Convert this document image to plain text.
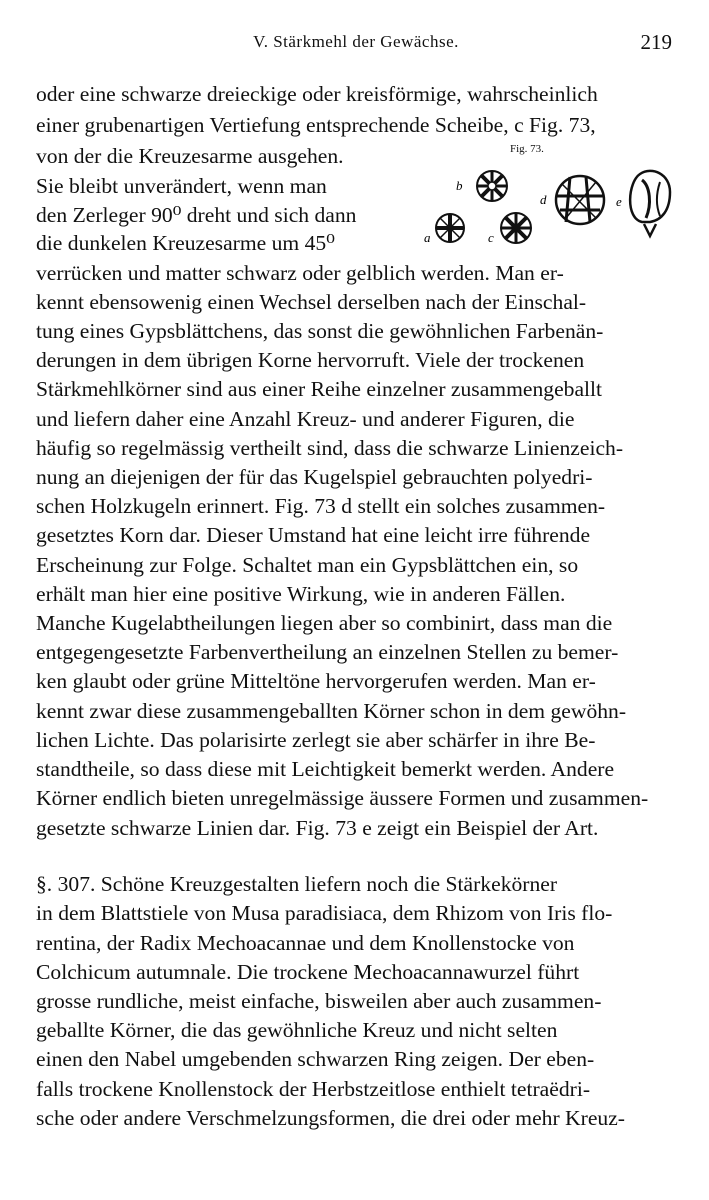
V. Stärkmehl der Gewächse.	219
oder eine schwarze dreieckige oder kreisförmige, wahrscheinlich
einer grubenartigen Vertiefung entsprechende Scheibe, c Fig. 73,
von der die Kreuzesarme ausgehen.
Sie bleibt unverändert, wenn man
den Zerleger 90⁰ dreht und sich dann
die dunkelen Kreuzesarme um 45⁰
verrücken und matter schwarz oder gelblich werden. Man er-
kennt ebensowenig einen Wechsel derselben nach der Einschal-
tung eines Gypsblättchens, das sonst die gewöhnlichen Farbenän-
derungen in dem übrigen Korne hervorruft. Viele der trockenen
Stärkmehlkörner sind aus einer Reihe einzelner zusammengeballt
und liefern daher eine Anzahl Kreuz- und anderer Figuren, die
häufig so regelmässig vertheilt sind, dass die schwarze Linienzeich-
nung an diejenigen der für das Kugelspiel gebrauchten polyedri-
schen Holzkugeln erinnert. Fig. 73 d stellt ein solches zusammen-
gesetztes Korn dar. Dieser Umstand hat eine leicht irre führende
Erscheinung zur Folge. Schaltet man ein Gypsblättchen ein, so
erhält man hier eine positive Wirkung, wie in anderen Fällen.
Manche Kugelabtheilungen liegen aber so combinirt, dass man die
entgegengesetzte Farbenvertheilung an einzelnen Stellen zu bemer-
ken glaubt oder grüne Mitteltöne hervorgerufen werden. Man er-
kennt zwar diese zusammengeballten Körner schon in dem gewöhn-
lichen Lichte. Das polarisirte zerlegt sie aber schärfer in ihre Be-
standtheile, so dass diese mit Leichtigkeit bemerkt werden. Andere
Körner endlich bieten unregelmässige äussere Formen und zusammen-
gesetzte schwarze Linien dar. Fig. 73 e zeigt ein Beispiel der Art.
§. 307. Schöne Kreuzgestalten liefern noch die Stärkekörner
in dem Blattstiele von Musa paradisiaca, dem Rhizom von Iris flo-
rentina, der Radix Mechoacannae und dem Knollenstocke von
Colchicum autumnale. Die trockene Mechoacannawurzel führt
grosse rundliche, meist einfache, bisweilen aber auch zusammen-
geballte Körner, die das gewöhnliche Kreuz und nicht selten
einen den Nabel umgebenden schwarzen Ring zeigen. Der eben-
falls trockene Knollenstock der Herbstzeitlose enthielt tetraëdri-
sche oder andere Verschmelzungsformen, die drei oder mehr Kreuz-
Fig. 73.
a
b
c
d	e
